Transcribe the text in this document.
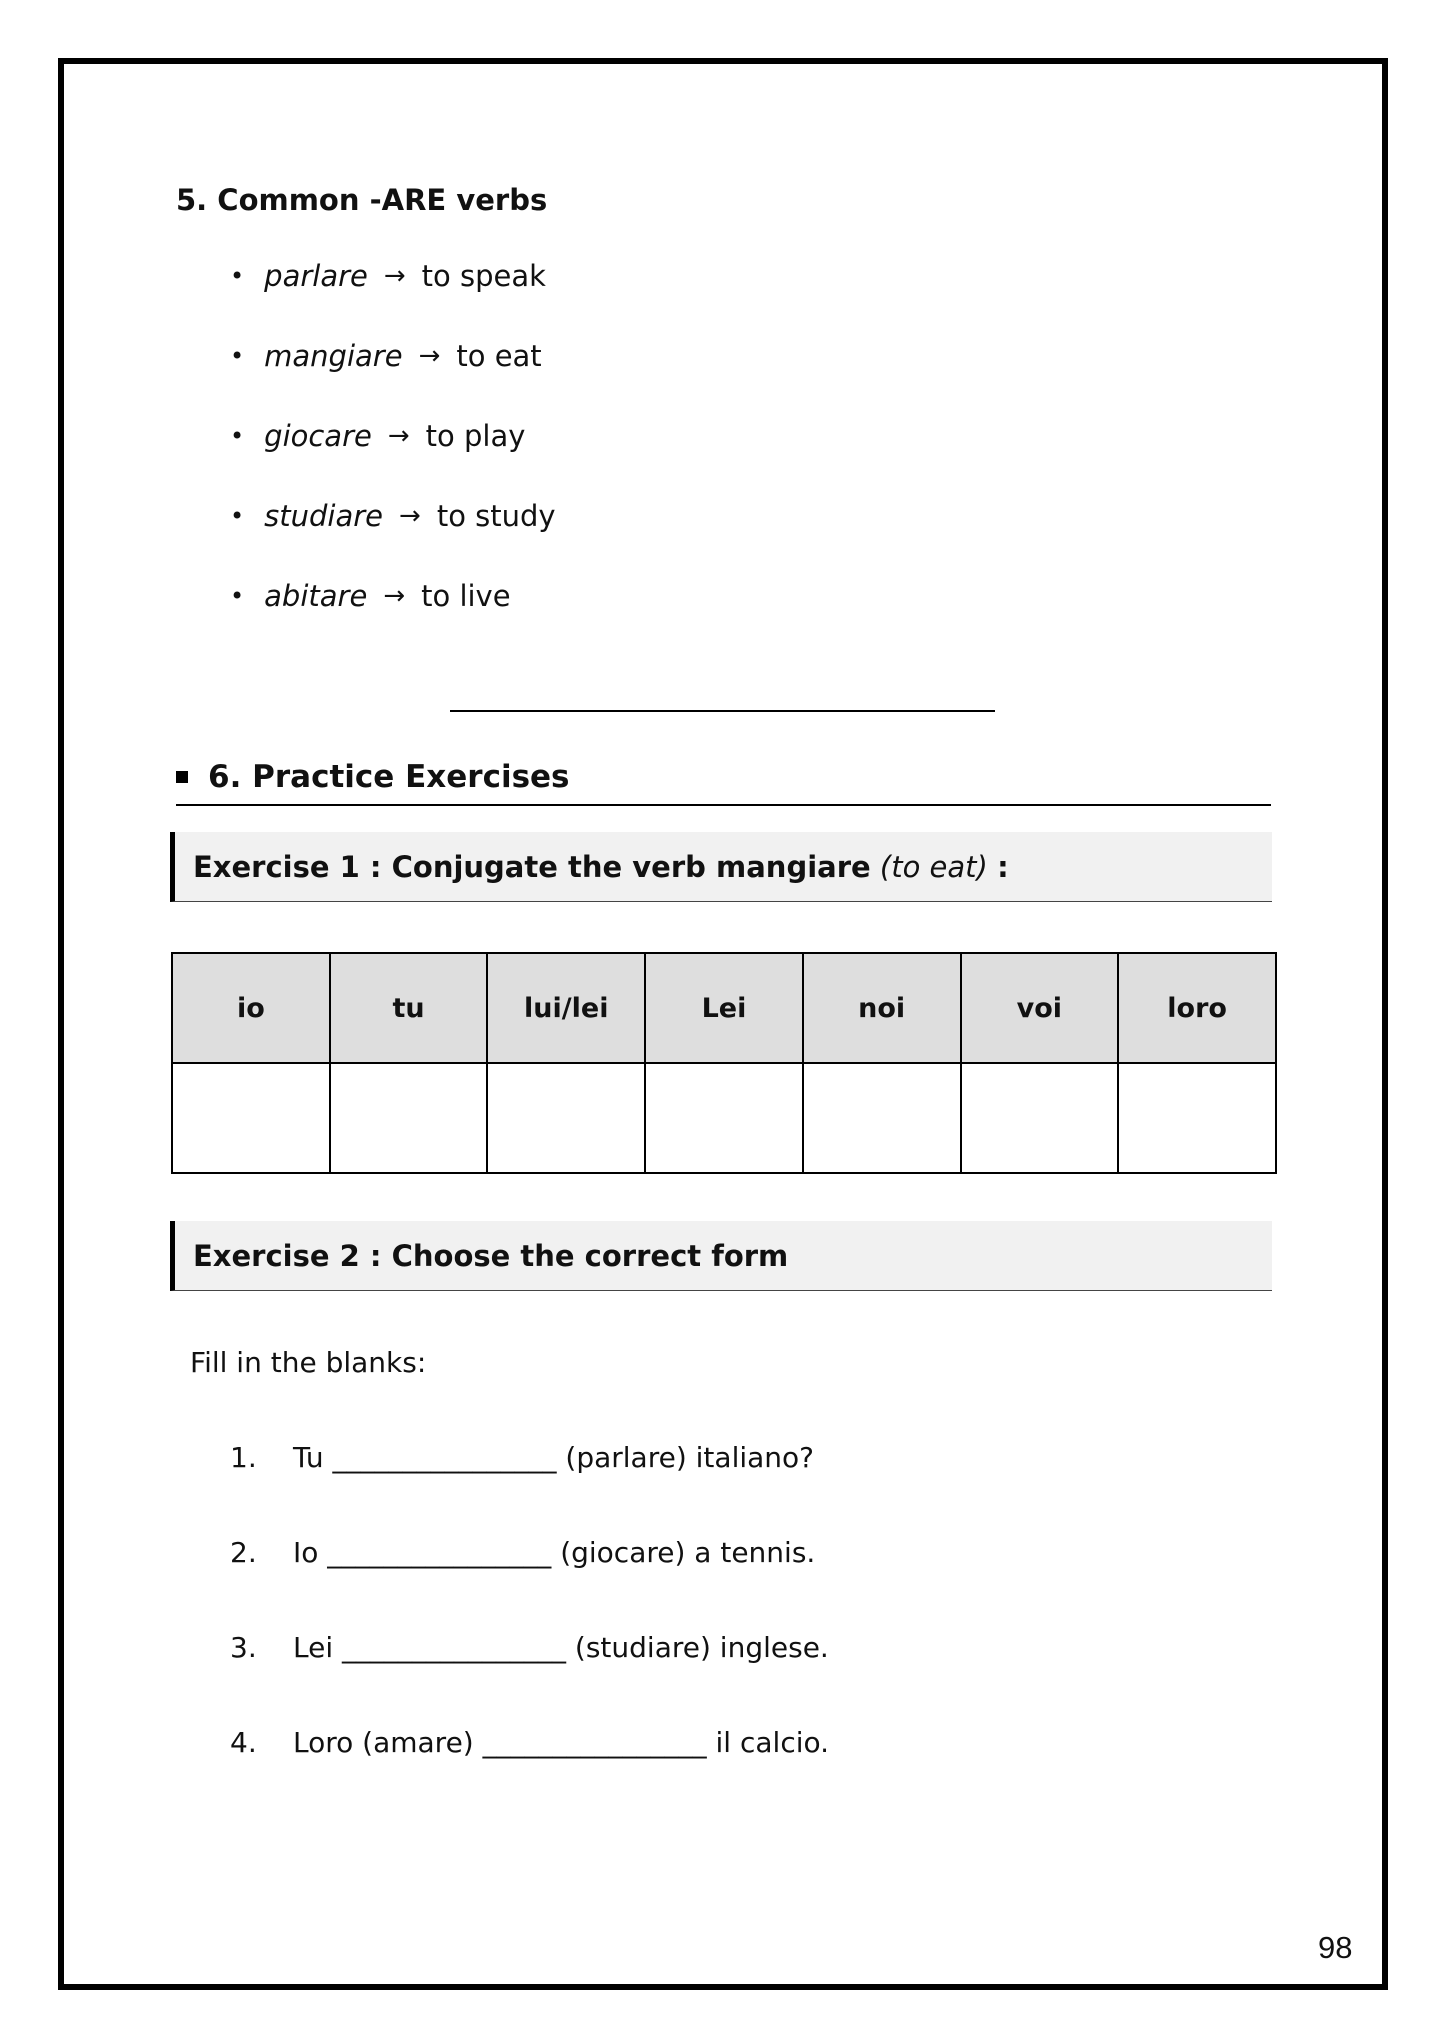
5. Common -ARE verbs
• parlare → to speak
• mangiare → to eat
• giocare → to play
• studiare → to study
• abitare → to live
6. Practice Exercises
Exercise 1 : Conjugate the verb mangiare
(to eat)
:
io	tu	lui/lei	Lei	noi	voi	loro

Exercise 2 : Choose the correct form

Fill in the blanks:

1.	Tu ________________ (parlare) italiano?
2.	Io ________________ (giocare) a tennis.
3.	Lei ________________ (studiare) inglese.
4.	Loro (amare) ________________ il calcio.
98
